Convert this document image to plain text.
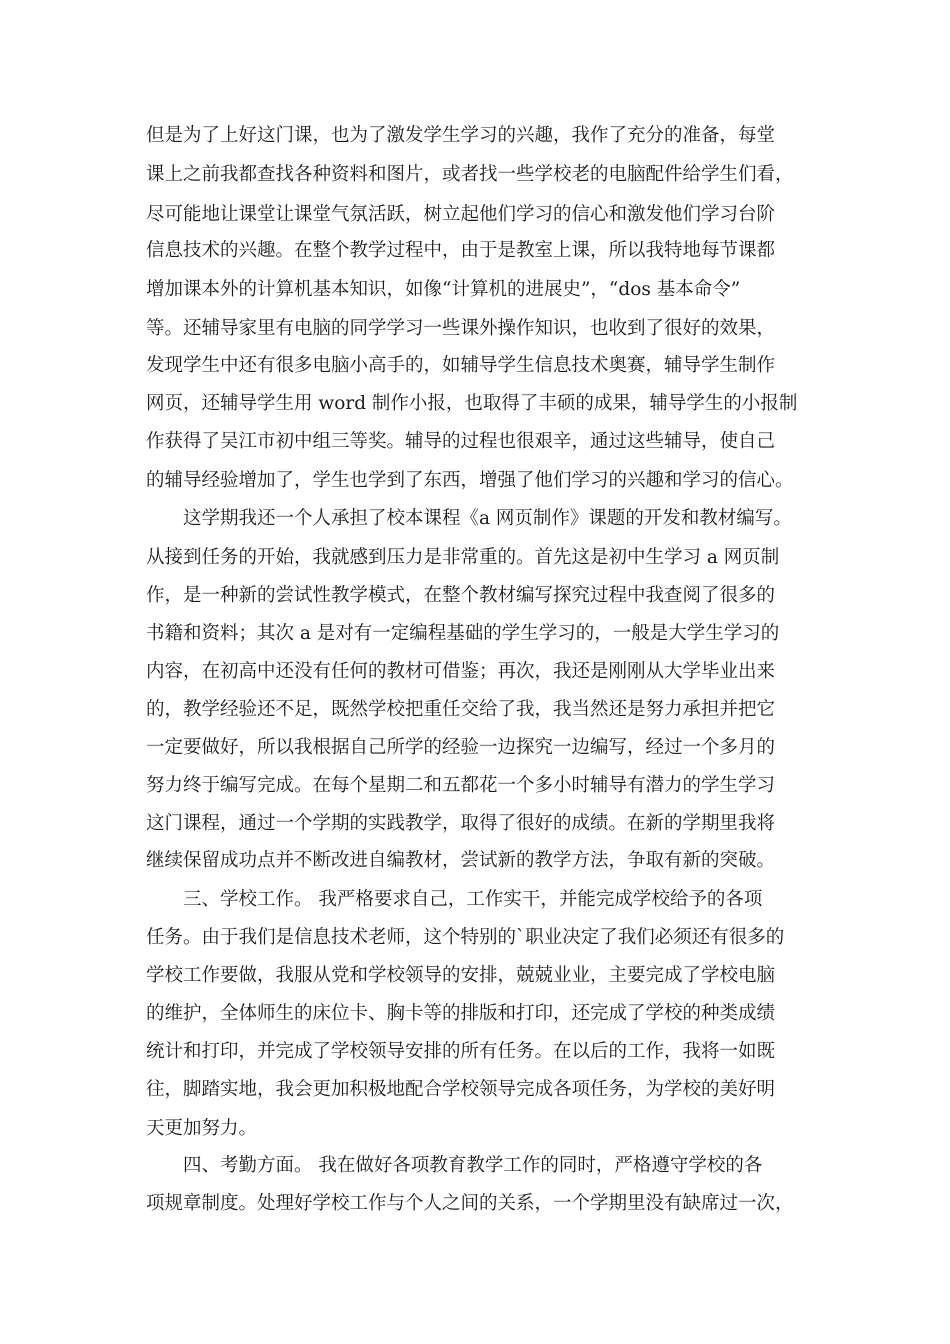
但是为了上好这门课，也为了激发学生学习的兴趣，我作了充分的准备，每堂
课上之前我都查找各种资料和图片，或者找一些学校老的电脑配件给学生们看，
尽可能地让课堂让课堂气氛活跃，树立起他们学习的信心和激发他们学习台阶
信息技术的兴趣。在整个教学过程中，由于是教室上课，所以我特地每节课都
增加课本外的计算机基本知识，如像“计算机的进展史”，“dos 基本命令”
等。还辅导家里有电脑的同学学习一些课外操作知识，也收到了很好的效果，
发现学生中还有很多电脑小高手的，如辅导学生信息技术奥赛，辅导学生制作
网页，还辅导学生用 word 制作小报，也取得了丰硕的成果，辅导学生的小报制
作获得了吴江市初中组三等奖。辅导的过程也很艰辛，通过这些辅导，使自己
的辅导经验增加了，学生也学到了东西，增强了他们学习的兴趣和学习的信心。
这学期我还一个人承担了校本课程《a 网页制作》课题的开发和教材编写。
从接到任务的开始，我就感到压力是非常重的。首先这是初中生学习 a 网页制
作，是一种新的尝试性教学模式，在整个教材编写探究过程中我查阅了很多的
书籍和资料；其次 a 是对有一定编程基础的学生学习的，一般是大学生学习的
内容，在初高中还没有任何的教材可借鉴；再次，我还是刚刚从大学毕业出来
的，教学经验还不足，既然学校把重任交给了我，我当然还是努力承担并把它
一定要做好，所以我根据自己所学的经验一边探究一边编写，经过一个多月的
努力终于编写完成。在每个星期二和五都花一个多小时辅导有潜力的学生学习
这门课程，通过一个学期的实践教学，取得了很好的成绩。在新的学期里我将
继续保留成功点并不断改进自编教材，尝试新的教学方法，争取有新的突破。
三、学校工作。 我严格要求自己，工作实干，并能完成学校给予的各项
任务。由于我们是信息技术老师，这个特别的`职业决定了我们必须还有很多的
学校工作要做，我服从党和学校领导的安排，兢兢业业，主要完成了学校电脑
的维护，全体师生的床位卡、胸卡等的排版和打印，还完成了学校的种类成绩
统计和打印，并完成了学校领导安排的所有任务。在以后的工作，我将一如既
往，脚踏实地，我会更加积极地配合学校领导完成各项任务，为学校的美好明
天更加努力。
四、考勤方面。 我在做好各项教育教学工作的同时，严格遵守学校的各
项规章制度。处理好学校工作与个人之间的关系，一个学期里没有缺席过一次，
